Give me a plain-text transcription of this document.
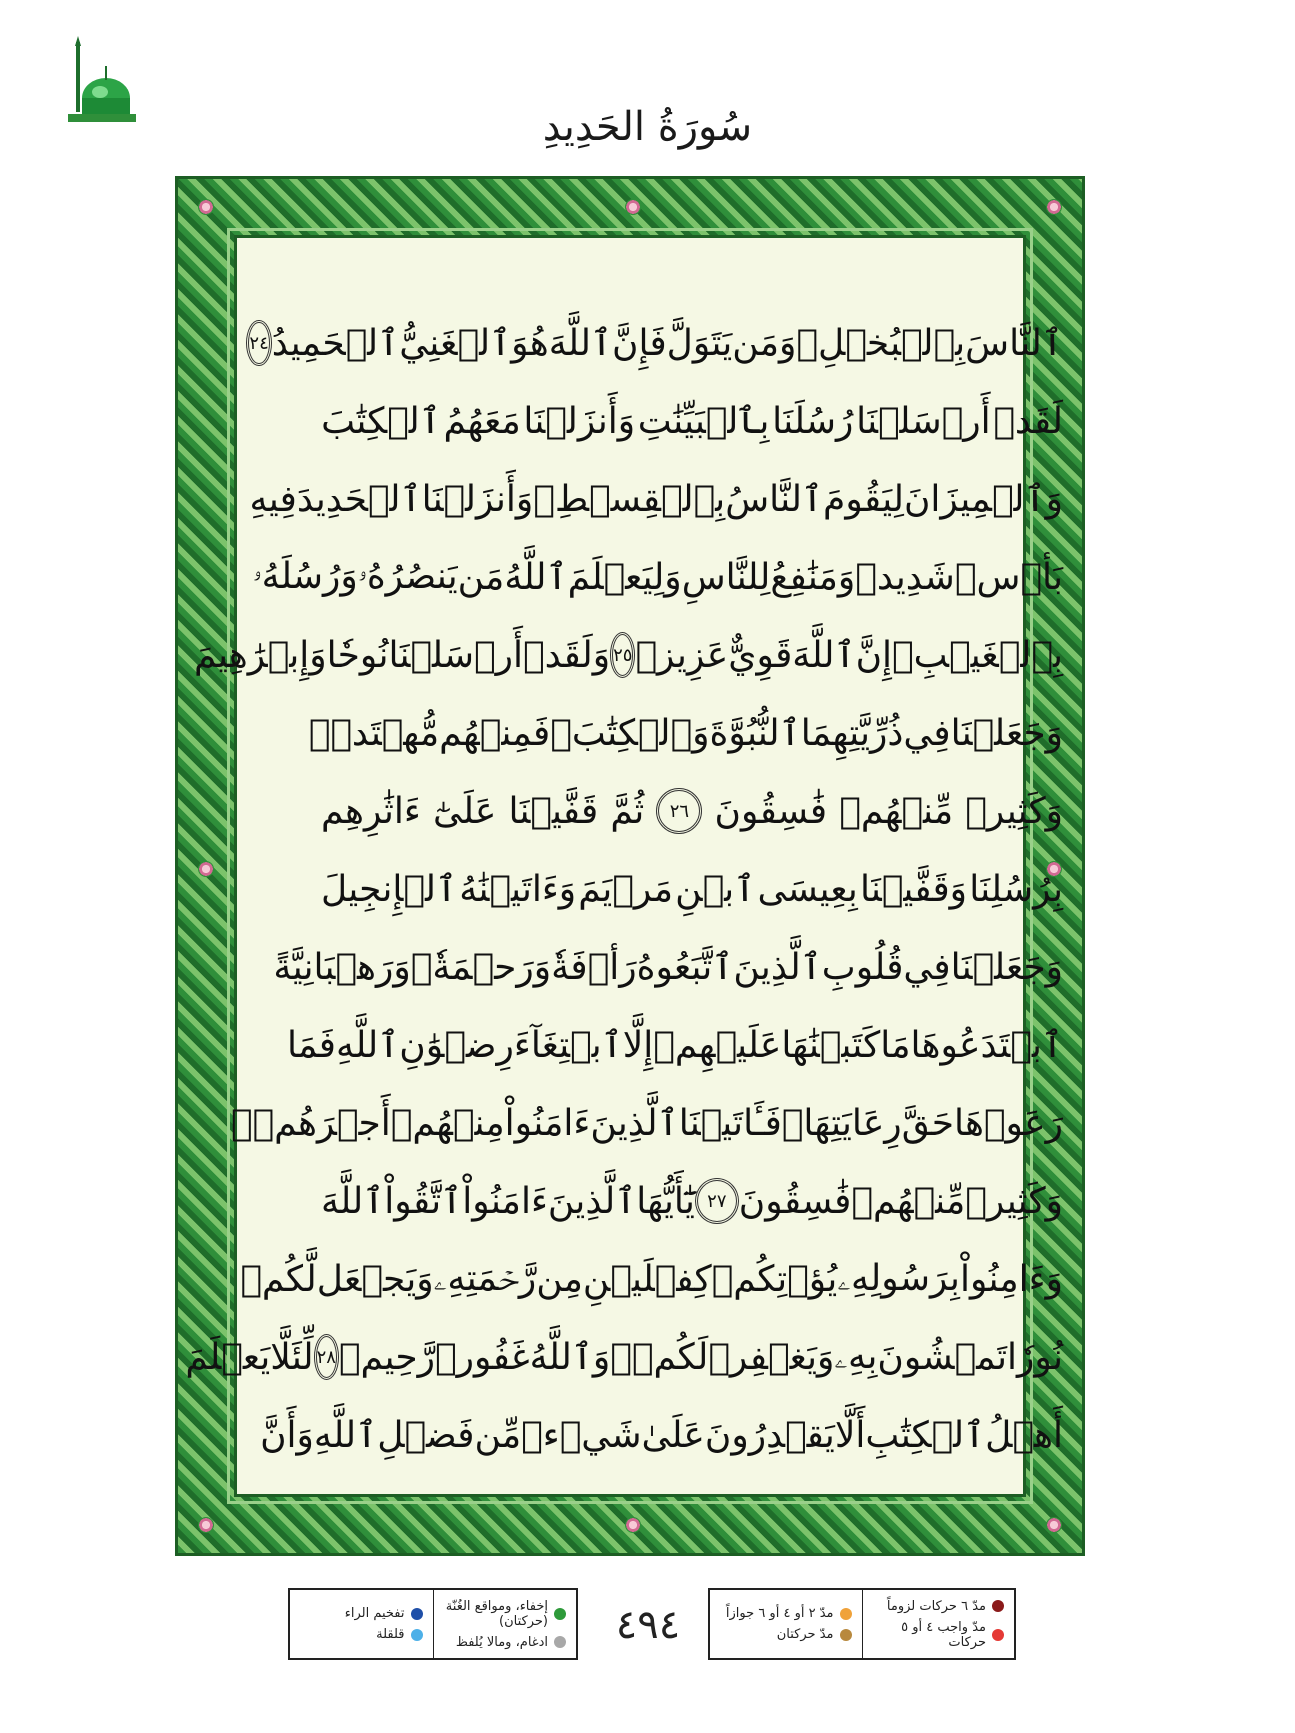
سُورَةُ الحَدِيدِ
ٱلنَّاسَ
بِٱلۡبُخۡلِۗ
وَمَن
يَتَوَلَّ
فَإِنَّ
ٱللَّهَ
هُوَ
ٱلۡغَنِيُّ
ٱلۡحَمِيدُ
٢٤
لَقَدۡ
أَرۡسَلۡنَا
رُسُلَنَا
بِٱلۡبَيِّنَٰتِ
وَأَنزَلۡنَا
مَعَهُمُ
ٱلۡكِتَٰبَ
وَٱلۡمِيزَانَ
لِيَقُومَ
ٱلنَّاسُ
بِٱلۡقِسۡطِۖ
وَأَنزَلۡنَا
ٱلۡحَدِيدَ
فِيهِ
بَأۡسٞ
شَدِيدٞ
وَمَنَٰفِعُ
لِلنَّاسِ
وَلِيَعۡلَمَ
ٱللَّهُ
مَن
يَنصُرُهُۥ
وَرُسُلَهُۥ
بِٱلۡغَيۡبِۚ
إِنَّ
ٱللَّهَ
قَوِيٌّ
عَزِيزٞ
٢٥
وَلَقَدۡ
أَرۡسَلۡنَا
نُوحٗا
وَإِبۡرَٰهِيمَ
وَجَعَلۡنَا
فِي
ذُرِّيَّتِهِمَا
ٱلنُّبُوَّةَ
وَٱلۡكِتَٰبَۖ
فَمِنۡهُم
مُّهۡتَدٖۖ
وَكَثِيرٞ
مِّنۡهُمۡ
فَٰسِقُونَ
٢٦
ثُمَّ
قَفَّيۡنَا
عَلَىٰٓ
ءَاثَٰرِهِم
بِرُسُلِنَا
وَقَفَّيۡنَا
بِعِيسَى
ٱبۡنِ
مَرۡيَمَ
وَءَاتَيۡنَٰهُ
ٱلۡإِنجِيلَ
وَجَعَلۡنَا
فِي
قُلُوبِ
ٱلَّذِينَ
ٱتَّبَعُوهُ
رَأۡفَةٗ
وَرَحۡمَةٗۚ
وَرَهۡبَانِيَّةً
ٱبۡتَدَعُوهَا
مَا
كَتَبۡنَٰهَا
عَلَيۡهِمۡ
إِلَّا
ٱبۡتِغَآءَ
رِضۡوَٰنِ
ٱللَّهِ
فَمَا
رَعَوۡهَا
حَقَّ
رِعَايَتِهَاۖ
فَـَٔاتَيۡنَا
ٱلَّذِينَ
ءَامَنُواْ
مِنۡهُمۡ
أَجۡرَهُمۡۖ
وَكَثِيرٞ
مِّنۡهُمۡ
فَٰسِقُونَ
٢٧
يَٰٓأَيُّهَا
ٱلَّذِينَ
ءَامَنُواْ
ٱتَّقُواْ
ٱللَّهَ
وَءَامِنُواْ
بِرَسُولِهِۦ
يُؤۡتِكُمۡ
كِفۡلَيۡنِ
مِن
رَّحۡمَتِهِۦ
وَيَجۡعَل
لَّكُمۡ
نُورٗا
تَمۡشُونَ
بِهِۦ
وَيَغۡفِرۡ
لَكُمۡۚ
وَٱللَّهُ
غَفُورٞ
رَّحِيمٞ
٢٨
لِّئَلَّا
يَعۡلَمَ
أَهۡلُ
ٱلۡكِتَٰبِ
أَلَّا
يَقۡدِرُونَ
عَلَىٰ
شَيۡءٖ
مِّن
فَضۡلِ
ٱللَّهِ
وَأَنَّ
مدّ ٦ حركات لزوماً
مدّ واجب ٤ أو ٥ حركات
مدّ ٢ أو ٤ أو ٦ جوازاً
مدّ حركتان
٤٩٤
إخفاء، ومواقع الغُنّة (حركتان)
ادغام، ومالا يُلفظ
تفخيم الراء
قلقلة
